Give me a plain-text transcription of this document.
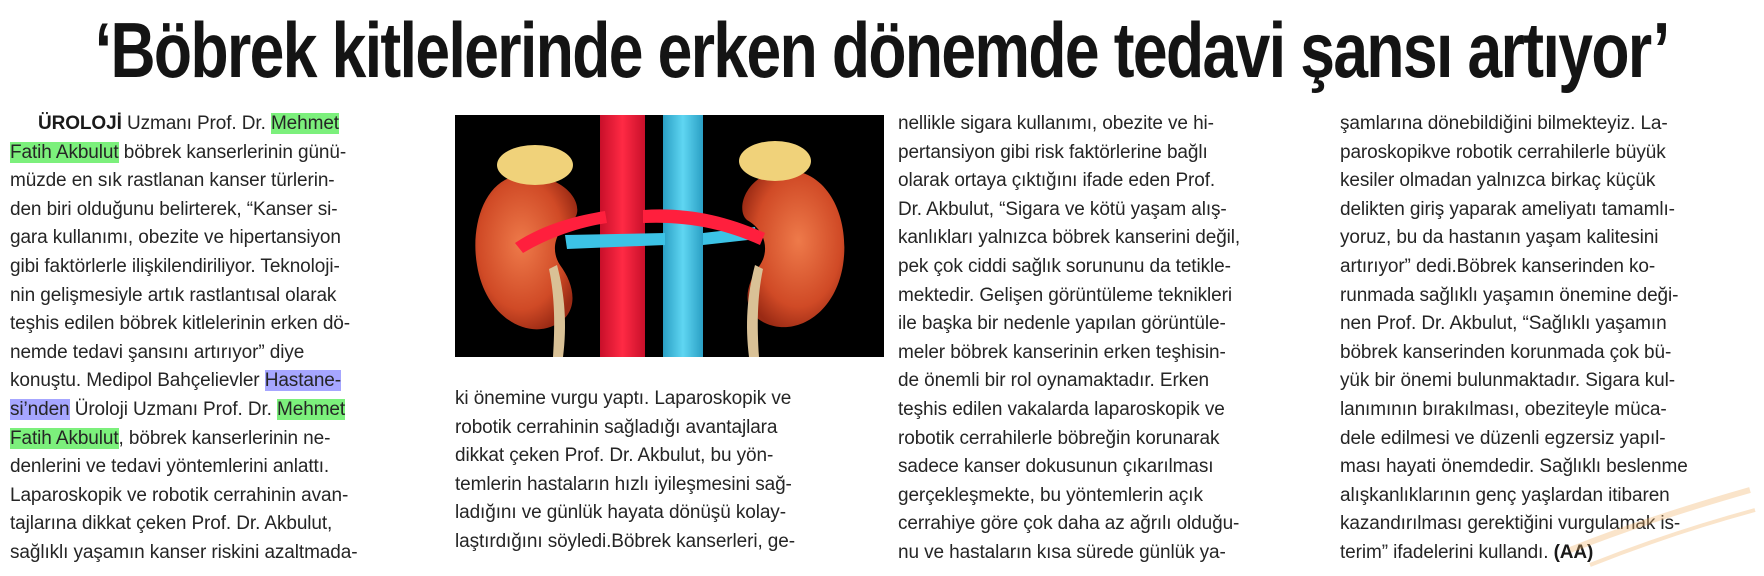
‘Böbrek kitlelerinde erken dönemde tedavi şansı artıyor’
ÜROLOJİ Uzmanı Prof. Dr. Mehmet
Fatih Akbulut böbrek kanserlerinin günü-
müzde en sık rastlanan kanser türlerin-
den biri olduğunu belirterek, “Kanser si-
gara kullanımı, obezite ve hipertansiyon
gibi faktörlerle ilişkilendiriliyor. Teknoloji-
nin gelişmesiyle artık rastlantısal olarak
teşhis edilen böbrek kitlelerinin erken dö-
nemde tedavi şansını artırıyor” diye
konuştu. Medipol Bahçelievler Hastane-
si’nden Üroloji Uzmanı Prof. Dr. Mehmet
Fatih Akbulut, böbrek kanserlerinin ne-
denlerini ve tedavi yöntemlerini anlattı.
Laparoskopik ve robotik cerrahinin avan-
tajlarına dikkat çeken Prof. Dr. Akbulut,
sağlıklı yaşamın kanser riskini azaltmada-
ki önemine vurgu yaptı. Laparoskopik ve
robotik cerrahinin sağladığı avantajlara
dikkat çeken Prof. Dr. Akbulut, bu yön-
temlerin hastaların hızlı iyileşmesini sağ-
ladığını ve günlük hayata dönüşü kolay-
laştırdığını söyledi.Böbrek kanserleri, ge-
nellikle sigara kullanımı, obezite ve hi-
pertansiyon gibi risk faktörlerine bağlı
olarak ortaya çıktığını ifade eden Prof.
Dr. Akbulut, “Sigara ve kötü yaşam alış-
kanlıkları yalnızca böbrek kanserini değil,
pek çok ciddi sağlık sorununu da tetikle-
mektedir. Gelişen görüntüleme teknikleri
ile başka bir nedenle yapılan görüntüle-
meler böbrek kanserinin erken teşhisin-
de önemli bir rol oynamaktadır. Erken
teşhis edilen vakalarda laparoskopik ve
robotik cerrahilerle böbreğin korunarak
sadece kanser dokusunun çıkarılması
gerçekleşmekte, bu yöntemlerin açık
cerrahiye göre çok daha az ağrılı olduğu-
nu ve hastaların kısa sürede günlük ya-
şamlarına dönebildiğini bilmekteyiz. La-
paroskopikve robotik cerrahilerle büyük
kesiler olmadan yalnızca birkaç küçük
delikten giriş yaparak ameliyatı tamamlı-
yoruz, bu da hastanın yaşam kalitesini
artırıyor” dedi.Böbrek kanserinden ko-
runmada sağlıklı yaşamın önemine deği-
nen Prof. Dr. Akbulut, “Sağlıklı yaşamın
böbrek kanserinden korunmada çok bü-
yük bir önemi bulunmaktadır. Sigara kul-
lanımının bırakılması, obeziteyle müca-
dele edilmesi ve düzenli egzersiz yapıl-
ması hayati önemdedir. Sağlıklı beslenme
alışkanlıklarının genç yaşlardan itibaren
kazandırılması gerektiğini vurgulamak is-
terim” ifadelerini kullandı. (AA)
